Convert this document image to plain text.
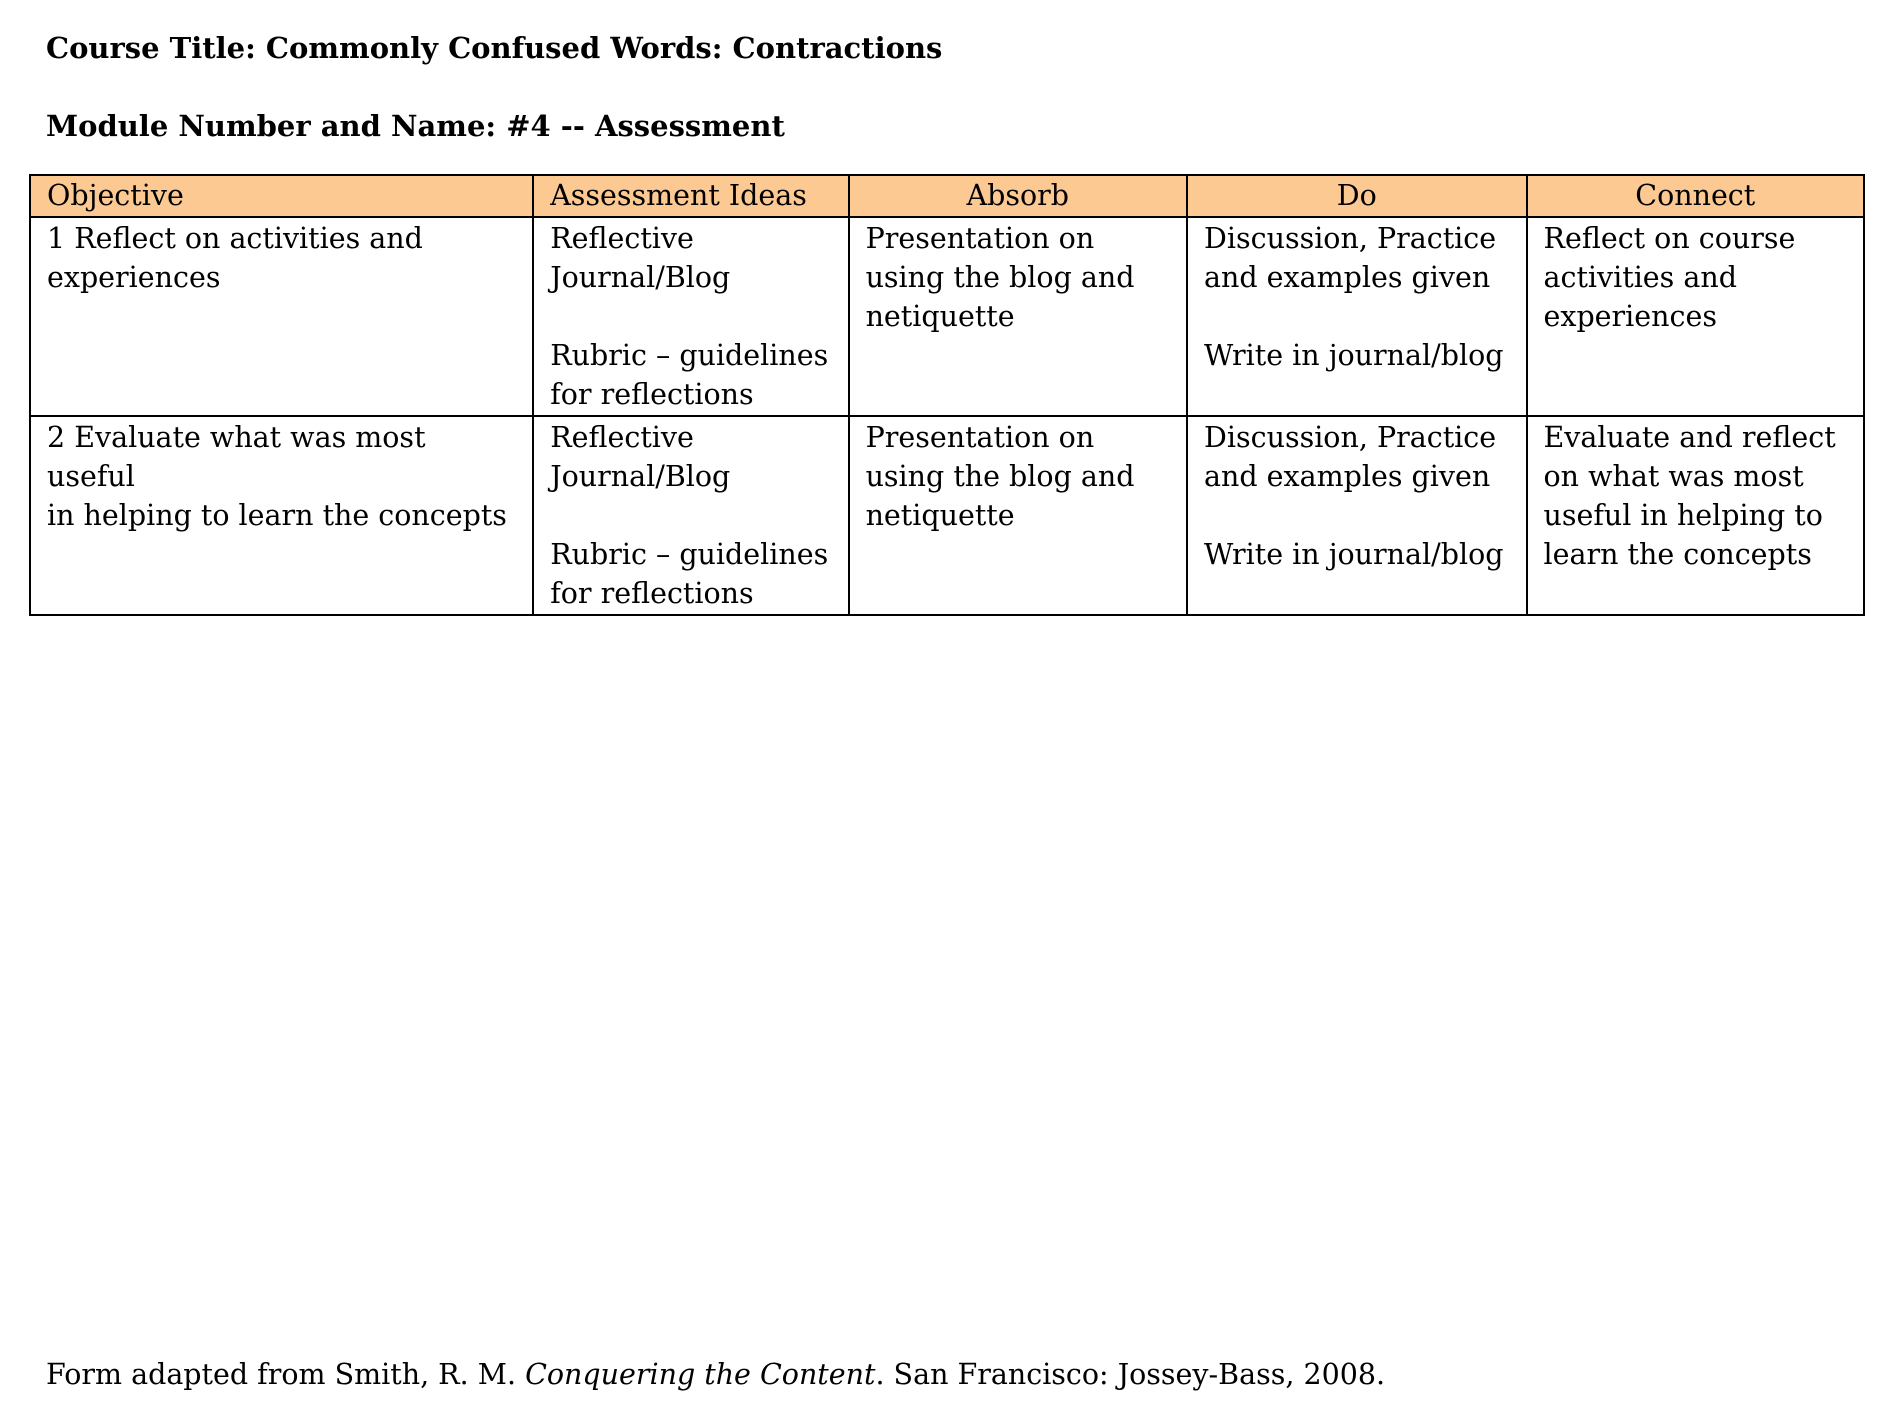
Course Title: Commonly Confused Words: Contractions
Module Number and Name: #4 -- Assessment
Objective	Assessment Ideas	Absorb	Do	Connect

1 Reflect on activities and
experiences	Reflective
Journal/Blog
Rubric – guidelines
for reflections	Presentation on
using the blog and
netiquette	Discussion, Practice
and examples given
Write in journal/blog	Reflect on course
activities and
experiences

2 Evaluate what was most useful
in helping to learn the concepts	Reflective
Journal/Blog
Rubric – guidelines
for reflections	Presentation on
using the blog and
netiquette	Discussion, Practice
and examples given
Write in journal/blog	Evaluate and reflect
on what was most
useful in helping to
learn the concepts
Form adapted from Smith, R. M. Conquering the Content. San Francisco: Jossey-Bass, 2008.
